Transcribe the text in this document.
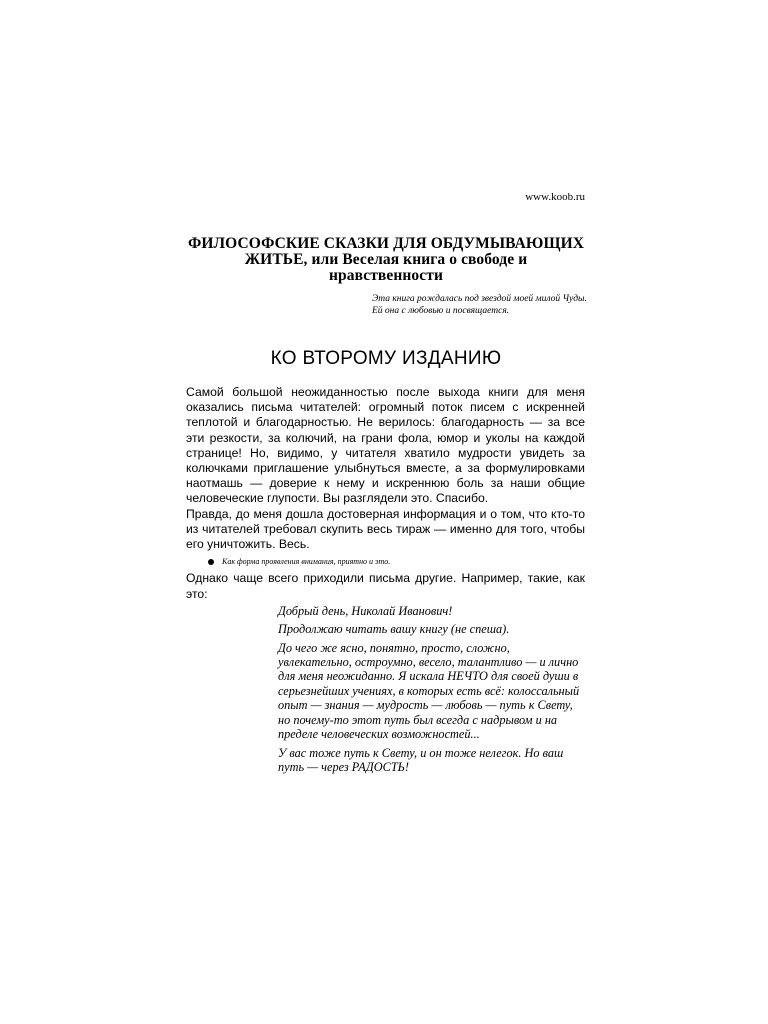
www.koob.ru
ФИЛОСОФСКИЕ СКАЗКИ ДЛЯ ОБДУМЫВАЮЩИХ ЖИТЬЕ, или Веселая книга о свободе и нравственности
Эта книга рождалась под звездой моей милой Чуды. Ей она с любовью и посвящается.
КО ВТОРОМУ ИЗДАНИЮ

Самой большой неожиданностью после выхода книги для меня оказались письма читателей: огромный поток писем с искренней теплотой и благодарностью. Не верилось: благодарность — за все эти резкости, за колючий, на грани фола, юмор и уколы на каждой странице! Но, видимо, у читателя хватило мудрости увидеть за колючками приглашение улыбнуться вместе, а за формулировками наотмашь — доверие к нему и искреннюю боль за наши общие человеческие глупости. Вы разглядели это. Спасибо.

Правда, до меня дошла достоверная информация и о том, что кто-то из читателей требовал скупить весь тираж — именно для того, чтобы его уничтожить. Весь.

Как форма проявления внимания, приятно и это.

Однако чаще всего приходили письма другие. Например, такие, как это:

Добрый день, Николай Иванович!

Продолжаю читать вашу книгу (не спеша).

До чего же ясно, понятно, просто, сложно, увлекательно, остроумно, весело, талантливо — и лично для меня неожиданно. Я искала НЕЧТО для своей души в серьезнейших учениях, в которых есть всё: колоссальный опыт — знания — мудрость — любовь — путь к Свету, но почему-то этот путь был всегда с надрывом и на пределе человеческих возможностей...

У вас тоже путь к Свету, и он тоже нелегок. Но ваш путь — через РАДОСТЬ!
